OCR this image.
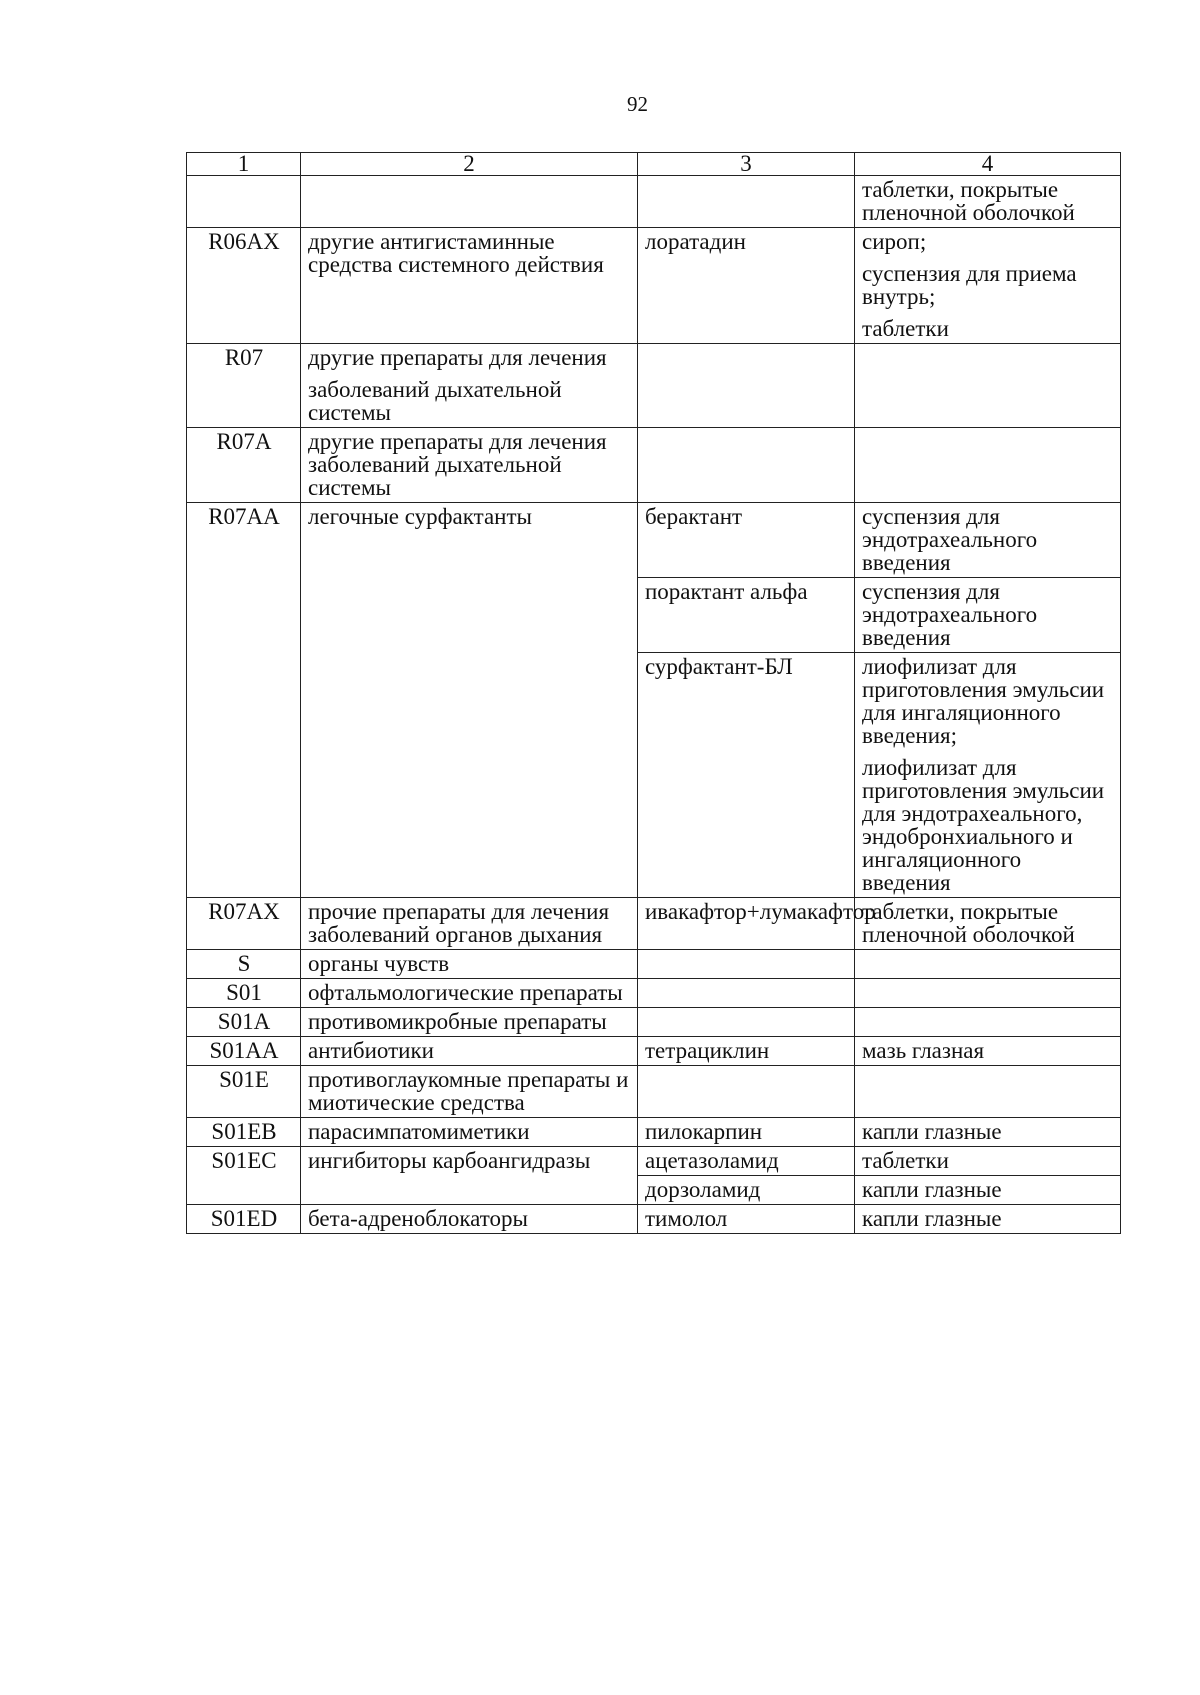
92
1	2	3	4

			таблетки, покрытые пленочной оболочкой

R06AX	другие антигистаминные средства системного действия	лоратадин	сироп;
суспензия для приема внутрь;
таблетки

R07	другие препараты для лечения
заболеваний дыхательной системы		

R07A	другие препараты для лечения заболеваний дыхательной системы		

R07AA	легочные сурфактанты	берактант	суспензия для эндотрахеального введения

		порактант альфа	суспензия для эндотрахеального введения

		сурфактант-БЛ	лиофилизат для приготовления эмульсии для ингаляционного введения;
лиофилизат для приготовления эмульсии для эндотрахеального, эндобронхиального и ингаляционного введения

R07AX	прочие препараты для лечения заболеваний органов дыхания	ивакафтор+лумакафтор	таблетки, покрытые пленочной оболочкой

S	органы чувств		

S01	офтальмологические препараты		

S01A	противомикробные препараты		

S01AA	антибиотики	тетрациклин	мазь глазная

S01E	противоглаукомные препараты и миотические средства		

S01EB	парасимпатомиметики	пилокарпин	капли глазные

S01EC	ингибиторы карбоангидразы	ацетазоламид	таблетки

		дорзоламид	капли глазные

S01ED	бета-адреноблокаторы	тимолол	капли глазные
